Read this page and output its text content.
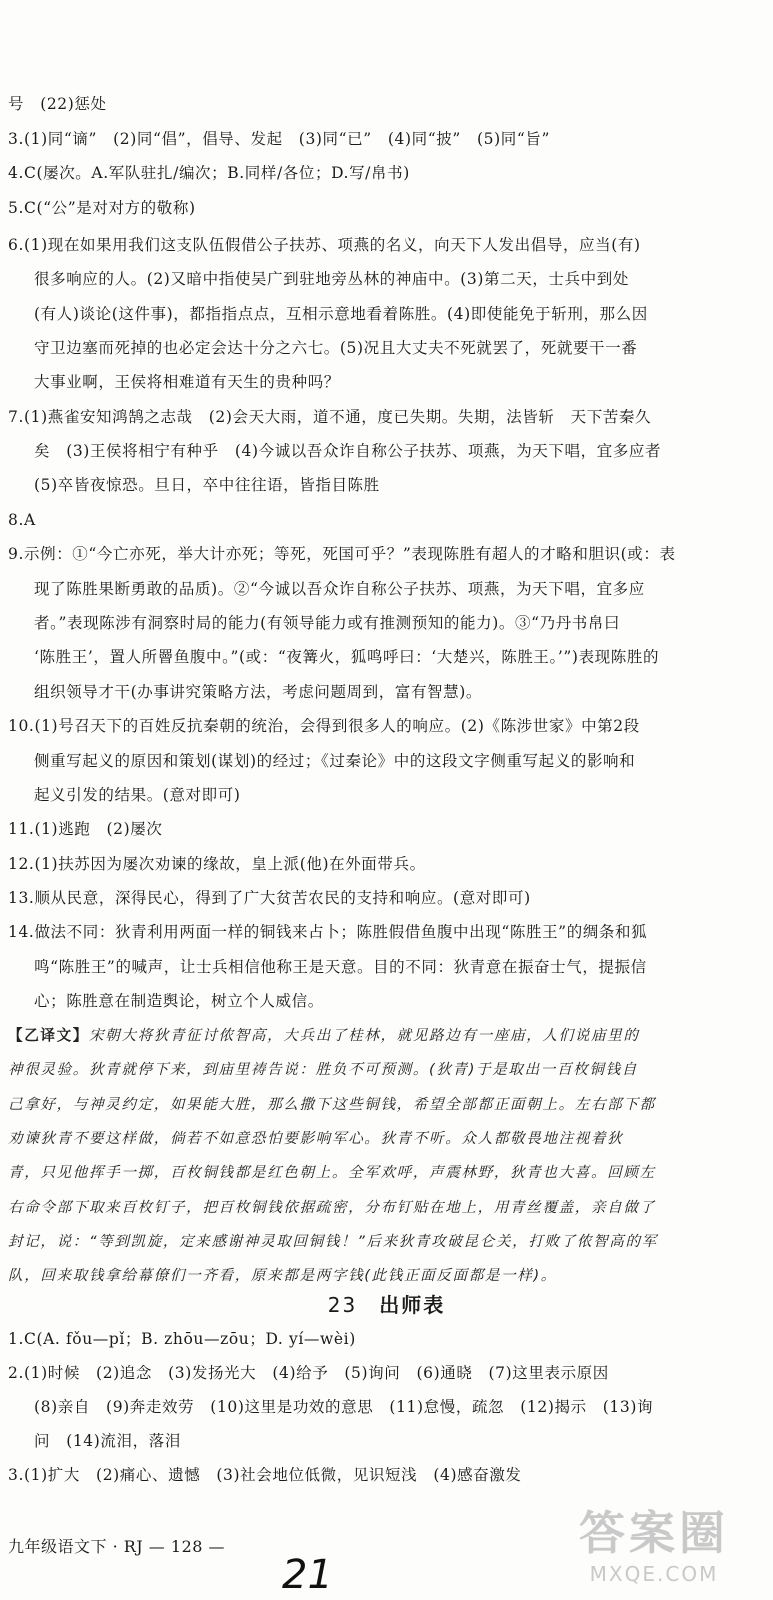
号　(22)惩处
3.(1)同“谪”　(2)同“倡”，倡导、发起　(3)同“已”　(4)同“披”　(5)同“旨”
4.C(屡次。A.军队驻扎/编次；B.同样/各位；D.写/帛书)
5.C(“公”是对对方的敬称)
6.(1)现在如果用我们这支队伍假借公子扶苏、项燕的名义，向天下人发出倡导，应当(有)
很多响应的人。(2)又暗中指使吴广到驻地旁丛林的神庙中。(3)第二天，士兵中到处
(有人)谈论(这件事)，都指指点点，互相示意地看着陈胜。(4)即使能免于斩刑，那么因
守卫边塞而死掉的也必定会达十分之六七。(5)况且大丈夫不死就罢了，死就要干一番
大事业啊，王侯将相难道有天生的贵种吗？
7.(1)燕雀安知鸿鹄之志哉　(2)会天大雨，道不通，度已失期。失期，法皆斩　天下苦秦久
矣　(3)王侯将相宁有种乎　(4)今诚以吾众诈自称公子扶苏、项燕，为天下唱，宜多应者
(5)卒皆夜惊恐。旦日，卒中往往语，皆指目陈胜
8.A
9.示例：①“今亡亦死，举大计亦死；等死，死国可乎？”表现陈胜有超人的才略和胆识(或：表
现了陈胜果断勇敢的品质)。②“今诚以吾众诈自称公子扶苏、项燕，为天下唱，宜多应
者。”表现陈涉有洞察时局的能力(有领导能力或有推测预知的能力)。③“乃丹书帛曰
‘陈胜王’，置人所罾鱼腹中。”(或：“夜篝火，狐鸣呼曰：‘大楚兴，陈胜王。’”)表现陈胜的
组织领导才干(办事讲究策略方法，考虑问题周到，富有智慧)。
10.(1)号召天下的百姓反抗秦朝的统治，会得到很多人的响应。(2)《陈涉世家》中第2段
侧重写起义的原因和策划(谋划)的经过；《过秦论》中的这段文字侧重写起义的影响和
起义引发的结果。(意对即可)
11.(1)逃跑　(2)屡次
12.(1)扶苏因为屡次劝谏的缘故，皇上派(他)在外面带兵。
13.顺从民意，深得民心，得到了广大贫苦农民的支持和响应。(意对即可)
14.做法不同：狄青利用两面一样的铜钱来占卜；陈胜假借鱼腹中出现“陈胜王”的绸条和狐
鸣“陈胜王”的喊声，让士兵相信他称王是天意。目的不同：狄青意在振奋士气，提振信
心；陈胜意在制造舆论，树立个人威信。
【乙译文】宋朝大将狄青征讨侬智高，大兵出了桂林，就见路边有一座庙，人们说庙里的
神很灵验。狄青就停下来，到庙里祷告说：胜负不可预测。(狄青)于是取出一百枚铜钱自
己拿好，与神灵约定，如果能大胜，那么撒下这些铜钱，希望全部都正面朝上。左右部下都
劝谏狄青不要这样做，倘若不如意恐怕要影响军心。狄青不听。众人都敬畏地注视着狄
青，只见他挥手一掷，百枚铜钱都是红色朝上。全军欢呼，声震林野，狄青也大喜。回顾左
右命令部下取来百枚钉子，把百枚铜钱依据疏密，分布钉贴在地上，用青丝覆盖，亲自做了
封记，说：“等到凯旋，定来感谢神灵取回铜钱！”后来狄青攻破昆仑关，打败了侬智高的军
队，回来取钱拿给幕僚们一齐看，原来都是两字钱(此钱正面反面都是一样)。
23 出师表
1.C(A. fǒu—pǐ；B. zhōu—zōu；D. yí—wèi)
2.(1)时候　(2)追念　(3)发扬光大　(4)给予　(5)询问　(6)通晓　(7)这里表示原因
(8)亲自　(9)奔走效劳　(10)这里是功效的意思　(11)怠慢，疏忽　(12)揭示　(13)询
问　(14)流泪，落泪
3.(1)扩大　(2)痛心、遗憾　(3)社会地位低微，见识短浅　(4)感奋激发
九年级语文下 · RJ — 128 —
21
答案圈
MXQE.COM
